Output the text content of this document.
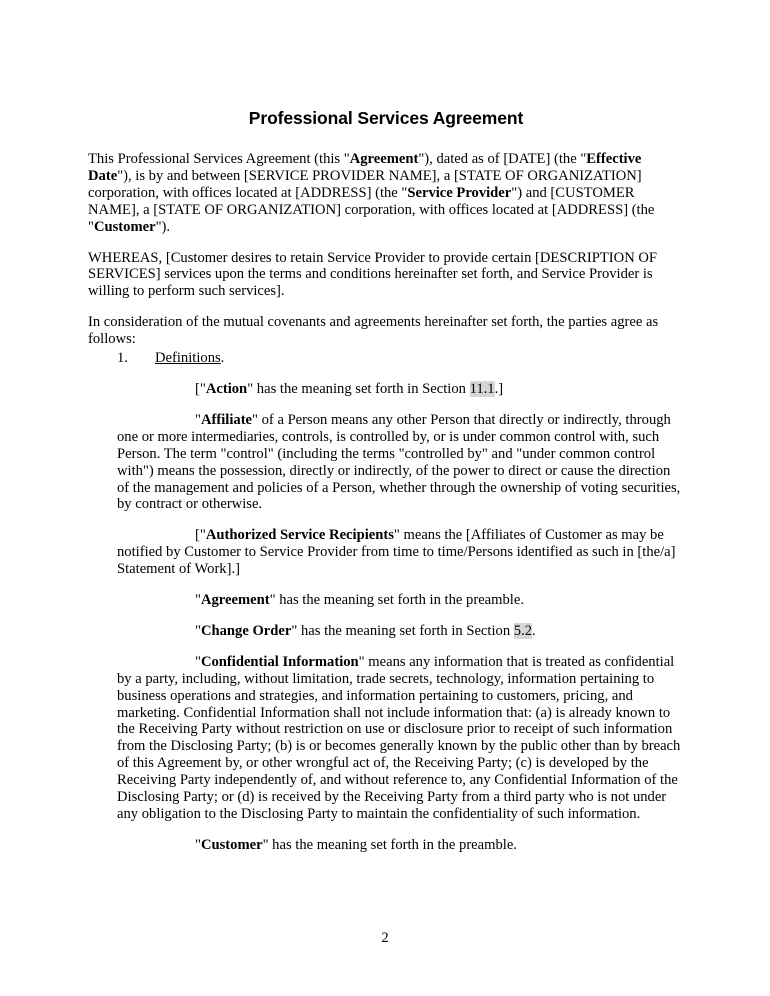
Professional Services Agreement

This Professional Services Agreement (this "Agreement"), dated as of [DATE] (the "Effective Date"), is by and between [SERVICE PROVIDER NAME], a [STATE OF ORGANIZATION] corporation, with offices located at [ADDRESS] (the "Service Provider") and [CUSTOMER NAME], a [STATE OF ORGANIZATION] corporation, with offices located at [ADDRESS] (the "Customer").

WHEREAS, [Customer desires to retain Service Provider to provide certain [DESCRIPTION OF SERVICES] services upon the terms and conditions hereinafter set forth, and Service Provider is willing to perform such services].

In consideration of the mutual covenants and agreements hereinafter set forth, the parties agree as follows:

1. Definitions.

["Action" has the meaning set forth in Section 11.1.]

"Affiliate" of a Person means any other Person that directly or indirectly, through one or more intermediaries, controls, is controlled by, or is under common control with, such Person. The term "control" (including the terms "controlled by" and "under common control with") means the possession, directly or indirectly, of the power to direct or cause the direction of the management and policies of a Person, whether through the ownership of voting securities, by contract or otherwise.

["Authorized Service Recipients" means the [Affiliates of Customer as may be notified by Customer to Service Provider from time to time/Persons identified as such in [the/a] Statement of Work].]

"Agreement" has the meaning set forth in the preamble.

"Change Order" has the meaning set forth in Section 5.2.

"Confidential Information" means any information that is treated as confidential by a party, including, without limitation, trade secrets, technology, information pertaining to business operations and strategies, and information pertaining to customers, pricing, and marketing. Confidential Information shall not include information that: (a) is already known to the Receiving Party without restriction on use or disclosure prior to receipt of such information from the Disclosing Party; (b) is or becomes generally known by the public other than by breach of this Agreement by, or other wrongful act of, the Receiving Party; (c) is developed by the Receiving Party independently of, and without reference to, any Confidential Information of the Disclosing Party; or (d) is received by the Receiving Party from a third party who is not under any obligation to the Disclosing Party to maintain the confidentiality of such information.

"Customer" has the meaning set forth in the preamble.

2
